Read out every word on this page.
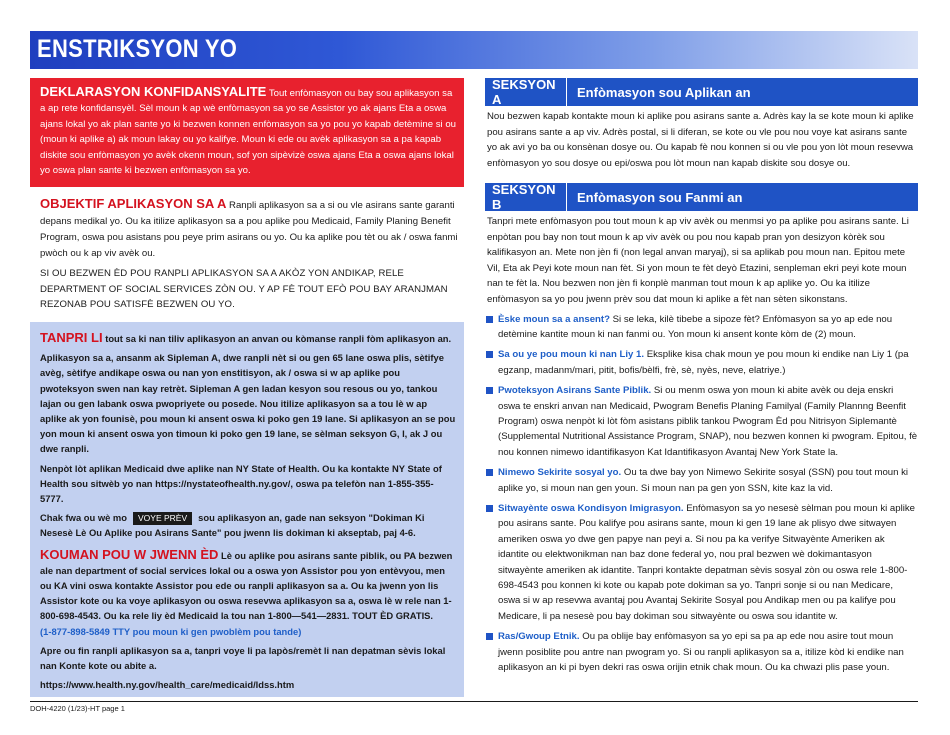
ENSTRIKSYON YO
DEKLARASYON KONFIDANSYALITE Tout enfòmasyon ou bay sou aplikasyon sa a ap rete konfidansyèl. Sèl moun k ap wè enfòmasyon sa yo se Assistor yo ak ajans Eta a oswa ajans lokal yo ak plan sante yo ki bezwen konnen enfòmasyon sa yo pou yo kapab detèmine si ou (moun ki aplike a) ak moun lakay ou yo kalifye. Moun ki ede ou avèk aplikasyon sa a pa kapab diskite sou enfòmasyon yo avèk okenn moun, sof yon sipèvizè oswa ajans Eta a oswa ajans lokal yo oswa plan sante ki bezwen enfòmasyon sa yo.
OBJEKTIF APLIKASYON SA A Ranpli aplikasyon sa a si ou vle asirans sante garanti depans medikal yo. Ou ka itilize aplikasyon sa a pou aplike pou Medicaid, Family Planing Benefit Program, oswa pou asistans pou peye prim asirans ou yo. Ou ka aplike pou tèt ou ak / oswa fanmi pwòch ou k ap viv avèk ou.
SI OU BEZWEN ÈD POU RANPLI APLIKASYON SA A AKÒZ YON ANDIKAP, RELE DEPARTMENT OF SOCIAL SERVICES ZÒN OU. Y AP FÈ TOUT EFÒ POU BAY ARANJMAN REZONAB POU SATISFÈ BEZWEN OU YO.

TANPRI LI tout sa ki nan tiliv aplikasyon an anvan ou kòmanse ranpli fòm aplikasyon an.

Aplikasyon sa a, ansanm ak Sipleman A, dwe ranpli nèt si ou gen 65 lane oswa plis, sètifye avèg, sètifye andikape oswa ou nan yon enstitisyon, ak / oswa si w ap aplike pou pwoteksyon swen nan kay retrèt. Sipleman A gen ladan kesyon sou resous ou yo, tankou lajan ou gen labank oswa pwopriyete ou posede. Nou itilize aplikasyon sa a tou lè w ap aplike ak yon founisè, pou moun ki ansent oswa ki poko gen 19 lane. Si aplikasyon an se pou yon moun ki ansent oswa yon timoun ki poko gen 19 lane, se sèlman seksyon G, I, ak J ou dwe ranpli.

Nenpòt lòt aplikan Medicaid dwe aplike nan NY State of Health. Ou ka kontakte NY State of Health sou sitwèb yo nan https://nystateofhealth.ny.gov/, oswa pa telefòn nan 1-855-355-5777.

Chak fwa ou wè mo VOYE PRÈV sou aplikasyon an, gade nan seksyon "Dokiman Ki Nesesè Lè Ou Aplike pou Asirans Sante" pou jwenn lis dokiman ki akseptab, paj 4-6.

KOUMAN POU W JWENN ÈD Lè ou aplike pou asirans sante piblik, ou PA bezwen ale nan department of social services lokal ou a oswa yon Assistor pou yon entèvyou, men ou KA vini oswa kontakte Assistor pou ede ou ranpli aplikasyon sa a. Ou ka jwenn yon lis Assistor kote ou ka voye aplikasyon ou oswa resevwa aplikasyon sa a, oswa lè w rele nan 1-800-698-4543. Ou ka rele liy èd Medicaid la tou nan 1-800—541—2831. TOUT ÈD GRATIS.
(1-877-898-5849 TTY pou moun ki gen pwoblèm pou tande)

Apre ou fin ranpli aplikasyon sa a, tanpri voye li pa lapòs/remèt li nan depatman sèvis lokal nan Konte kote ou abite a.

https://www.health.ny.gov/health_care/medicaid/ldss.htm

SEKSYON A	Enfòmasyon sou Aplikan an
Nou bezwen kapab kontakte moun ki aplike pou asirans sante a. Adrès kay la se kote moun ki aplike pou asirans sante a ap viv. Adrès postal, si li diferan, se kote ou vle pou nou voye kat asirans sante yo ak avi yo ba ou konsènan dosye ou. Ou kapab fè nou konnen si ou vle pou yon lòt moun resevwa enfòmasyon yo sou dosye ou epi/oswa pou lòt moun nan kapab diskite sou dosye ou.
SEKSYON B	Enfòmasyon sou Fanmi an
Tanpri mete enfòmasyon pou tout moun k ap viv avèk ou menmsi yo pa aplike pou asirans sante. Li enpòtan pou bay non tout moun k ap viv avèk ou pou nou kapab pran yon desizyon kòrèk sou kalifikasyon an. Mete non jèn fi (non legal anvan maryaj), si sa aplikab pou moun nan. Epitou mete Vil, Eta ak Peyi kote moun nan fèt. Si yon moun te fèt deyò Etazini, senpleman ekri peyi kote moun nan te fèt la. Nou bezwen non jèn fi konplè manman tout moun k ap aplike yo. Ou ka itilize enfòmasyon sa yo pou jwenn prèv sou dat moun ki aplike a fèt nan sèten sikonstans.
Èske moun sa a ansent? Si se leka, kilè tibebe a sipoze fèt? Enfòmasyon sa yo ap ede nou detèmine kantite moun ki nan fanmi ou. Yon moun ki ansent konte kòm de (2) moun.
Sa ou ye pou moun ki nan Liy 1. Eksplike kisa chak moun ye pou moun ki endike nan Liy 1 (pa egzanp, madanm/mari, pitit, bofis/bèlfi, frè, sè, nyès, neve, elatriye.)
Pwoteksyon Asirans Sante Piblik. Si ou menm oswa yon moun ki abite avèk ou deja enskri oswa te enskri anvan nan Medicaid, Pwogram Benefis Planing Familyal (Family Plannng Beenfit Program) oswa nenpòt ki lòt fòm asistans piblik tankou Pwogram Èd pou Nitrisyon Siplemantè (Supplemental Nutritional Assistance Program, SNAP), nou bezwen konnen ki pwogram. Epitou, fè nou konnen nimewo idantifikasyon Kat Idantifikasyon Avantaj New York State la.
Nimewo Sekirite sosyal yo. Ou ta dwe bay yon Nimewo Sekirite sosyal (SSN) pou tout moun ki aplike yo, si moun nan gen youn. Si moun nan pa gen yon SSN, kite kaz la vid.
Sitwayènte oswa Kondisyon Imigrasyon. Enfòmasyon sa yo nesesè sèlman pou moun ki aplike pou asirans sante. Pou kalifye pou asirans sante, moun ki gen 19 lane ak plisyo dwe sitwayen ameriken oswa yo dwe gen papye nan peyi a. Si nou pa ka verifye Sitwayènte Ameriken ak idantite ou elektwonikman nan baz done federal yo, nou pral bezwen wè dokimantasyon sitwayènte ameriken ak idantite. Tanpri kontakte depatman sèvis sosyal zòn ou oswa rele 1-800-698-4543 pou konnen ki kote ou kapab pote dokiman sa yo. Tanpri sonje si ou nan Medicare, oswa si w ap resevwa avantaj pou Avantaj Sekirite Sosyal pou Andikap men ou pa kalifye pou Medicare, li pa nesesè pou bay dokiman sou sitwayènte ou oswa sou idantite w.
Ras/Gwoup Etnik. Ou pa oblije bay enfòmasyon sa yo epi sa pa ap ede nou asire tout moun jwenn posiblite pou antre nan pwogram yo. Si ou ranpli aplikasyon sa a, itilize kòd ki endike nan aplikasyon an ki pi byen dekri ras oswa orijin etnik chak moun. Ou ka chwazi plis pase youn.
DOH-4220 (1/23)-HT page 1
